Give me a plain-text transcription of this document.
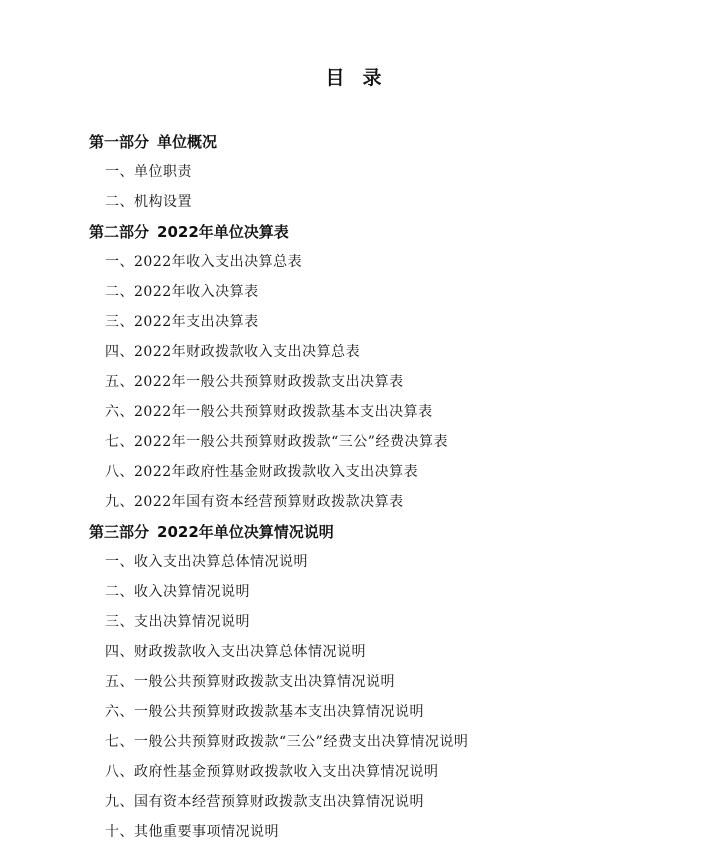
目 录
第一部分 单位概况
一、单位职责
二、机构设置
第二部分 2022年单位决算表
一、2022年收入支出决算总表
二、2022年收入决算表
三、2022年支出决算表
四、2022年财政拨款收入支出决算总表
五、2022年一般公共预算财政拨款支出决算表
六、2022年一般公共预算财政拨款基本支出决算表
七、2022年一般公共预算财政拨款“三公”经费决算表
八、2022年政府性基金财政拨款收入支出决算表
九、2022年国有资本经营预算财政拨款决算表
第三部分 2022年单位决算情况说明
一、收入支出决算总体情况说明
二、收入决算情况说明
三、支出决算情况说明
四、财政拨款收入支出决算总体情况说明
五、一般公共预算财政拨款支出决算情况说明
六、一般公共预算财政拨款基本支出决算情况说明
七、一般公共预算财政拨款“三公”经费支出决算情况说明
八、政府性基金预算财政拨款收入支出决算情况说明
九、国有资本经营预算财政拨款支出决算情况说明
十、其他重要事项情况说明
